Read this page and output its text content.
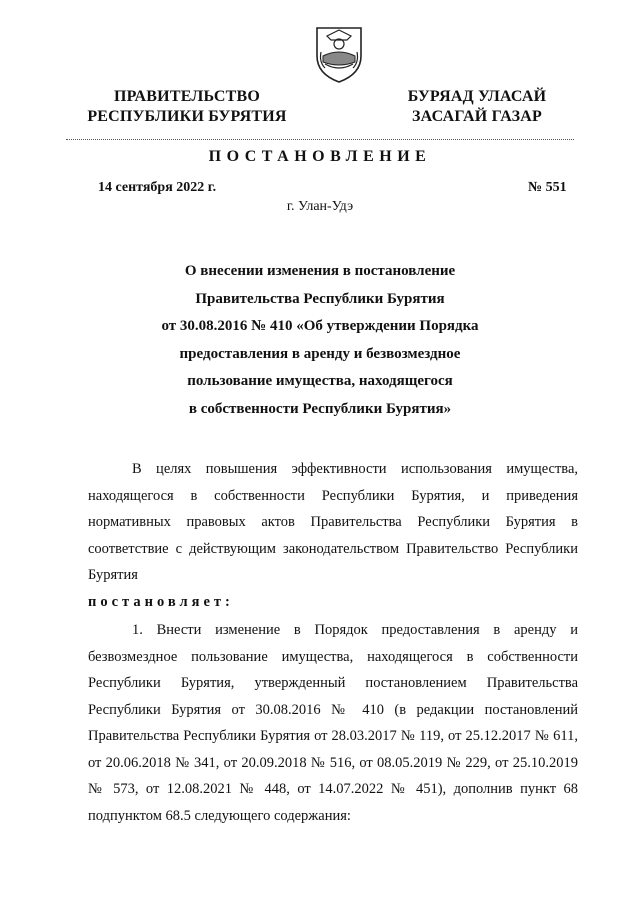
ПРАВИТЕЛЬСТВО
РЕСПУБЛИКИ БУРЯТИЯ
БУРЯАД УЛАСАЙ
ЗАСАГАЙ ГАЗАР
ПОСТАНОВЛЕНИЕ
14 сентября 2022 г.	№ 551
г. Улан-Удэ
О внесении изменения в постановление
Правительства Республики Бурятия
от 30.08.2016 № 410 «Об утверждении Порядка
предоставления в аренду и безвозмездное
пользование имущества, находящегося
в собственности Республики Бурятия»

В целях повышения эффективности использования имущества, находящегося в собственности Республики Бурятия, и приведения нормативных правовых актов Правительства Республики Бурятия в соответствие с действующим законодательством Правительство Республики Бурятия
постановляет:

1. Внести изменение в Порядок предоставления в аренду и безвозмездное пользование имущества, находящегося в собственности Республики Бурятия, утвержденный постановлением Правительства Республики Бурятия от 30.08.2016 № 410 (в редакции постановлений Правительства Республики Бурятия от 28.03.2017 № 119, от 25.12.2017 № 611, от 20.06.2018 № 341, от 20.09.2018 № 516, от 08.05.2019 № 229, от 25.10.2019 № 573, от 12.08.2021 № 448, от 14.07.2022 № 451), дополнив пункт 68 подпунктом 68.5 следующего содержания:
